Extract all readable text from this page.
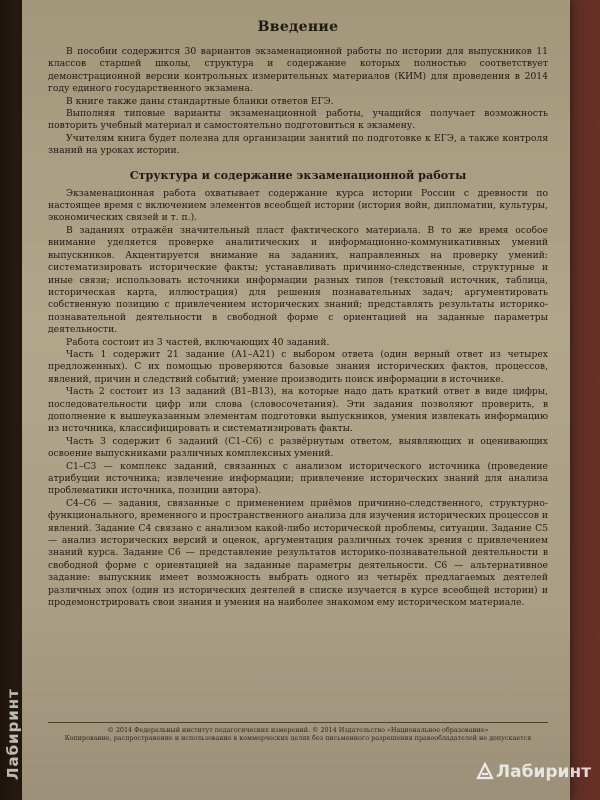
Введение

В пособии содержится 30 вариантов экзаменационной работы по истории для выпускников 11 классов старшей школы, структура и содержание которых полностью соответствует демонстрационной версии контрольных измерительных материалов (КИМ) для проведения в 2014 году единого государственного экзамена.

В книге также даны стандартные бланки ответов ЕГЭ.

Выполняя типовые варианты экзаменационной работы, учащийся получает возможность повторить учебный материал и самостоятельно подготовиться к экзамену.

Учителям книга будет полезна для организации занятий по подготовке к ЕГЭ, а также контроля знаний на уроках истории.

Структура и содержание экзаменационной работы

Экзаменационная работа охватывает содержание курса истории России с древности по настоящее время с включением элементов всеобщей истории (история войн, дипломатии, культуры, экономических связей и т. п.).

В заданиях отражён значительный пласт фактического материала. В то же время особое внимание уделяется проверке аналитических и информационно-коммуникативных умений выпускников. Акцентируется внимание на заданиях, направленных на проверку умений: систематизировать исторические факты; устанавливать причинно-следственные, структурные и иные связи; использовать источники информации разных типов (текстовый источник, таблица, историческая карта, иллюстрация) для решения познавательных задач; аргументировать собственную позицию с привлечением исторических знаний; представлять результаты историко-познавательной деятельности в свободной форме с ориентацией на заданные параметры деятельности.

Работа состоит из 3 частей, включающих 40 заданий.

Часть 1 содержит 21 задание (А1–А21) с выбором ответа (один верный ответ из четырех предложенных). С их помощью проверяются базовые знания исторических фактов, процессов, явлений, причин и следствий событий; умение производить поиск информации в источнике.

Часть 2 состоит из 13 заданий (В1–В13), на которые надо дать краткий ответ в виде цифры, последовательности цифр или слова (словосочетания). Эти задания позволяют проверить, в дополнение к вышеуказанным элементам подготовки выпускников, умения извлекать информацию из источника, классифицировать и систематизировать факты.

Часть 3 содержит 6 заданий (С1–С6) с развёрнутым ответом, выявляющих и оценивающих освоение выпускниками различных комплексных умений.

С1–С3 — комплекс заданий, связанных с анализом исторического источника (проведение атрибуции источника; извлечение информации; привлечение исторических знаний для анализа проблематики источника, позиции автора).

С4–С6 — задания, связанные с применением приёмов причинно-следственного, структурно-функционального, временного и пространственного анализа для изучения исторических процессов и явлений. Задание С4 связано с анализом какой-либо исторической проблемы, ситуации. Задание С5 — анализ исторических версий и оценок, аргументация различных точек зрения с привлечением знаний курса. Задание С6 — представление результатов историко-познавательной деятельности в свободной форме с ориентацией на заданные параметры деятельности. С6 — альтернативное задание: выпускник имеет возможность выбрать одного из четырёх предлагаемых деятелей различных эпох (один из исторических деятелей в списке изучается в курсе всеобщей истории) и продемонстрировать свои знания и умения на наиболее знакомом ему историческом материале.

© 2014 Федеральный институт педагогических измерений. © 2014 Издательство «Национальное образование»
Копирование, распространение и использование в коммерческих целях без письменного разрешения правообладателей не допускается
Лабиринт	Лабиринт
